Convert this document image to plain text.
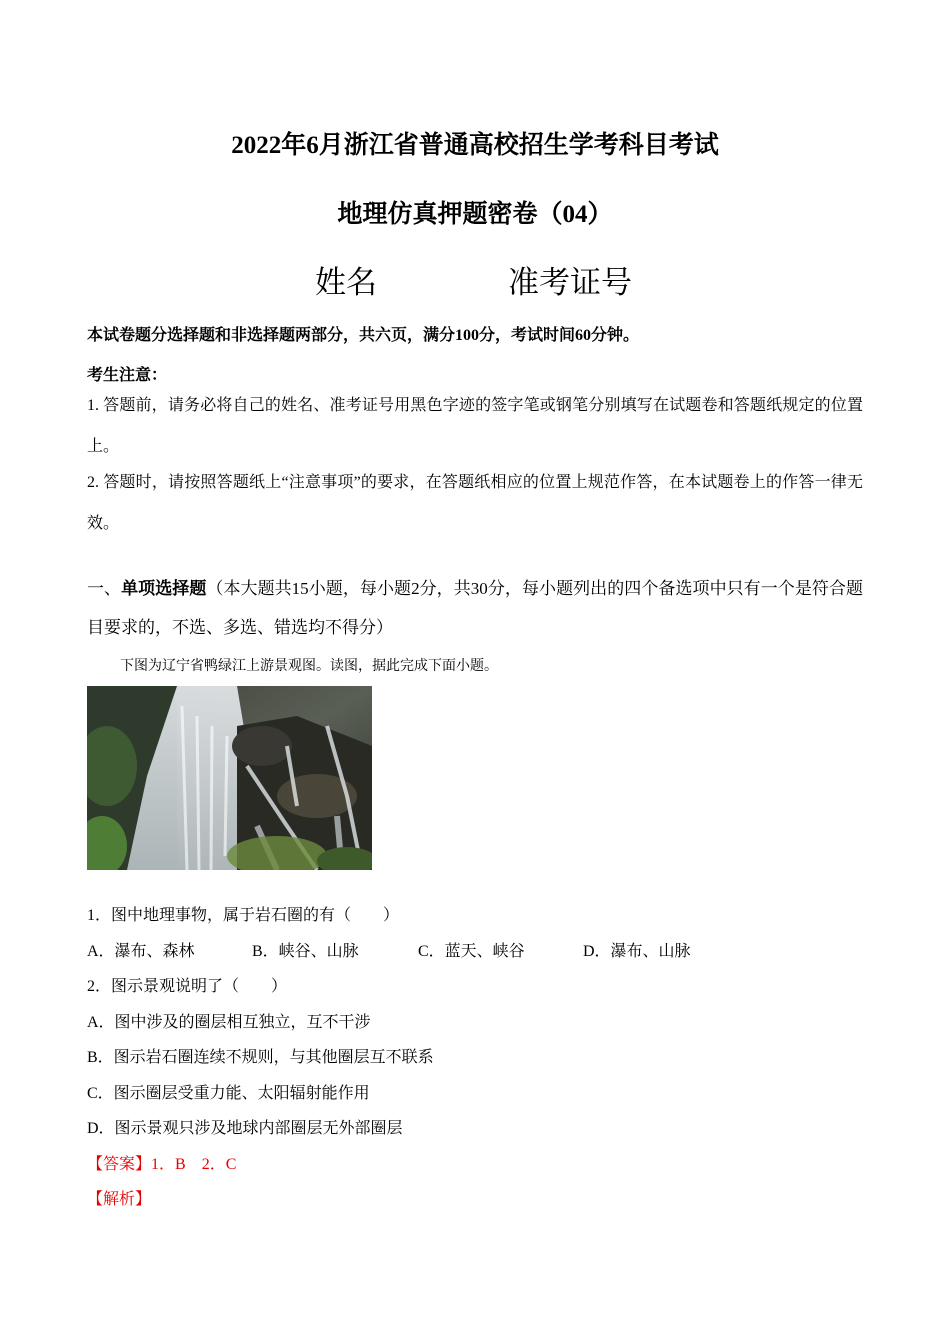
2022年6月浙江省普通高校招生学考科目考试
地理仿真押题密卷（04）
姓名	准考证号
本试卷题分选择题和非选择题两部分，共六页，满分100分，考试时间60分钟。
考生注意：
1. 答题前，请务必将自己的姓名、准考证号用黑色字迹的签字笔或钢笔分别填写在试题卷和答题纸规定的位置上。
2. 答题时，请按照答题纸上“注意事项”的要求，在答题纸相应的位置上规范作答，在本试题卷上的作答一律无效。
一、单项选择题（本大题共15小题，每小题2分，共30分，每小题列出的四个备选项中只有一个是符合题目要求的，不选、多选、错选均不得分）
下图为辽宁省鸭绿江上游景观图。读图，据此完成下面小题。
1．图中地理事物，属于岩石圈的有（　　）
A．瀑布、森林	B．峡谷、山脉	C．蓝天、峡谷	D．瀑布、山脉
2．图示景观说明了（　　）
A．图中涉及的圈层相互独立，互不干涉
B．图示岩石圈连续不规则，与其他圈层互不联系
C．图示圈层受重力能、太阳辐射能作用
D．图示景观只涉及地球内部圈层无外部圈层
【答案】1．B　2．C
【解析】
